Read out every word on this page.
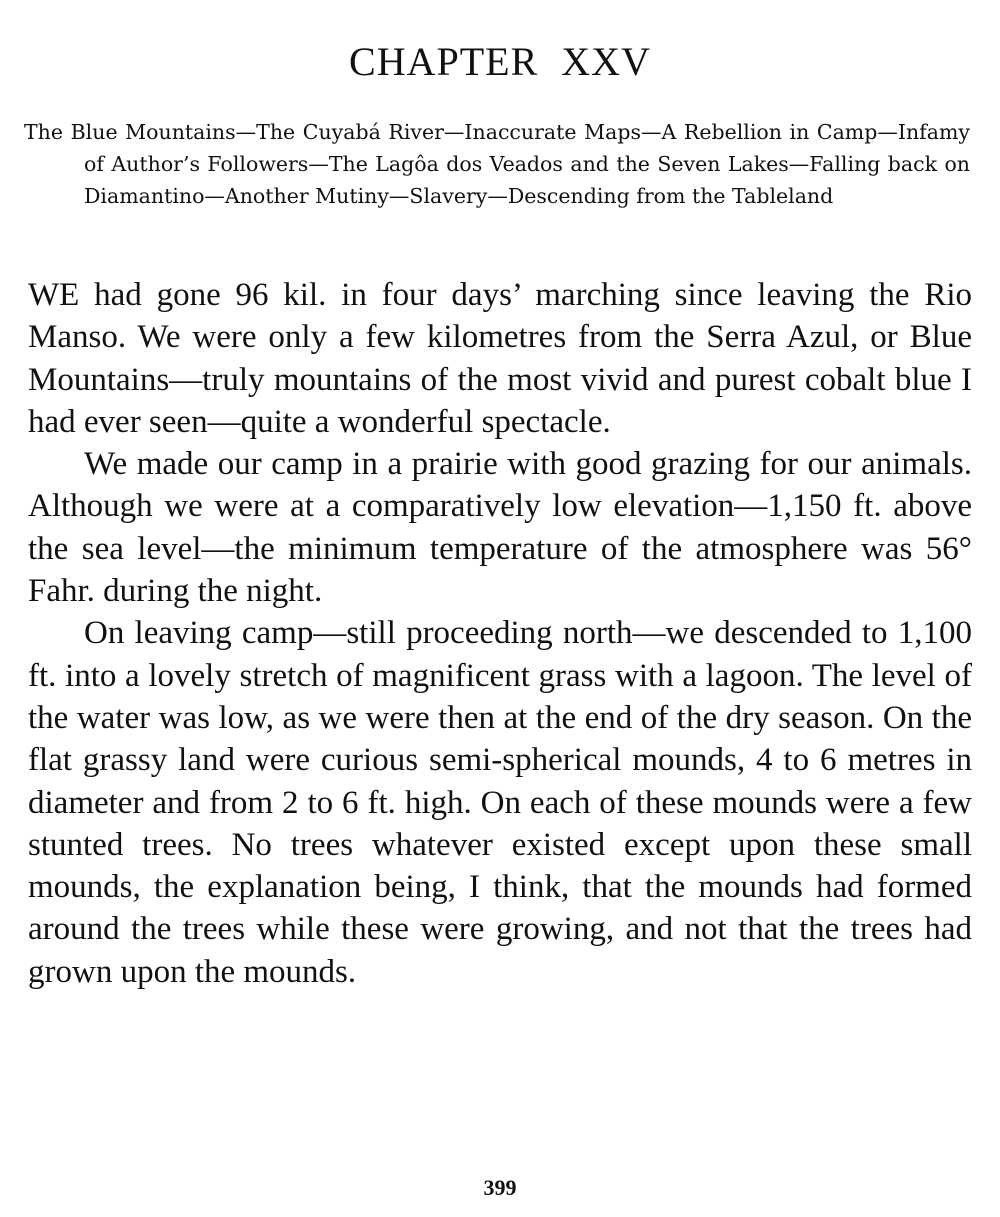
CHAPTER XXV

The Blue Mountains—The Cuyabá River—Inaccurate Maps—A Rebellion in Camp—Infamy of Author’s Followers—The Lagôa dos Veados and the Seven Lakes—Falling back on Diamantino—Another Mutiny—Slavery—Descending from the Tableland

WE had gone 96 kil. in four days’ marching since leaving the Rio Manso. We were only a few kilometres from the Serra Azul, or Blue Mountains—truly mountains of the most vivid and purest cobalt blue I had ever seen—quite a wonderful spectacle.

We made our camp in a prairie with good grazing for our animals. Although we were at a comparatively low elevation—1,150 ft. above the sea level—the minimum temperature of the atmosphere was 56° Fahr. during the night.

On leaving camp—still proceeding north—we descended to 1,100 ft. into a lovely stretch of magnificent grass with a lagoon. The level of the water was low, as we were then at the end of the dry season. On the flat grassy land were curious semi-spherical mounds, 4 to 6 metres in diameter and from 2 to 6 ft. high. On each of these mounds were a few stunted trees. No trees whatever existed except upon these small mounds, the explanation being, I think, that the mounds had formed around the trees while these were growing, and not that the trees had grown upon the mounds.

399
